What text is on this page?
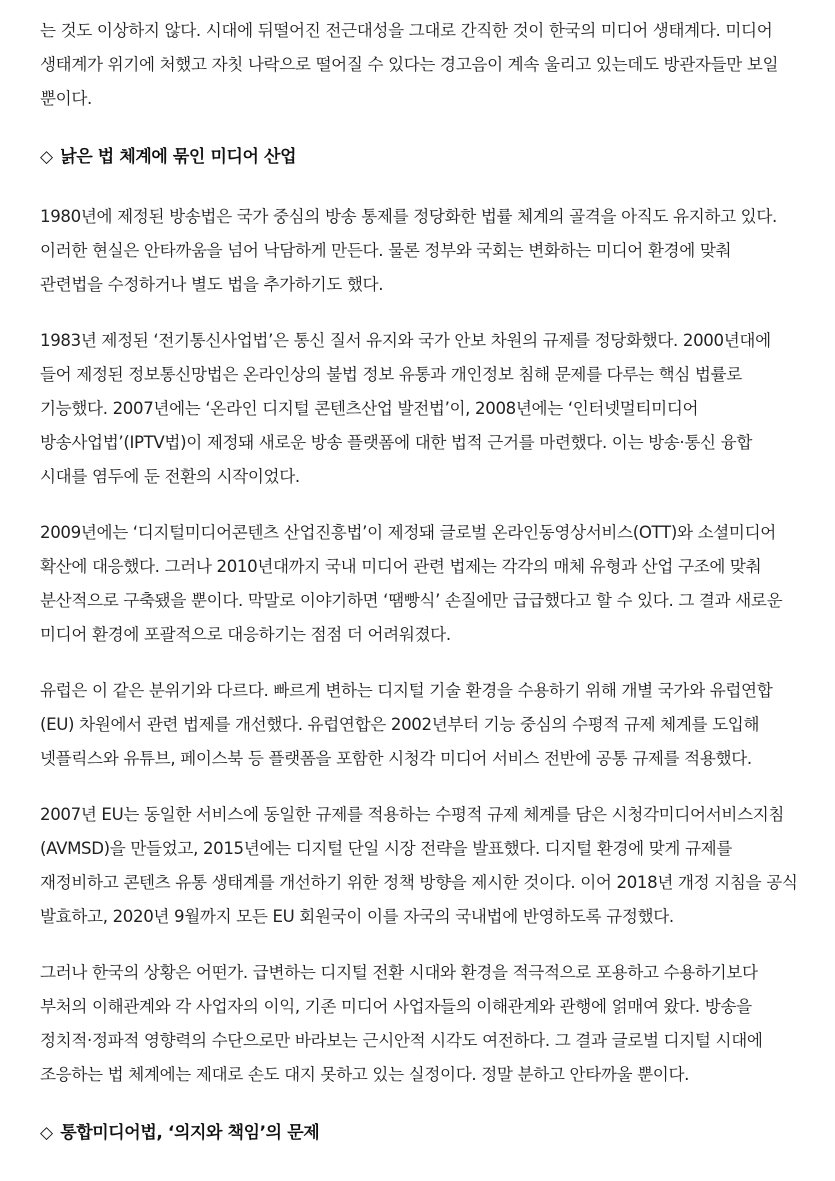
는 것도 이상하지 않다. 시대에 뒤떨어진 전근대성을 그대로 간직한 것이 한국의 미디어 생태계다. 미디어 생태계가 위기에 처했고 자칫 나락으로 떨어질 수 있다는 경고음이 계속 울리고 있는데도 방관자들만 보일 뿐이다.

◇ 낡은 법 체계에 묶인 미디어 산업

1980년에 제정된 방송법은 국가 중심의 방송 통제를 정당화한 법률 체계의 골격을 아직도 유지하고 있다. 이러한 현실은 안타까움을 넘어 낙담하게 만든다. 물론 정부와 국회는 변화하는 미디어 환경에 맞춰 관련법을 수정하거나 별도 법을 추가하기도 했다.

1983년 제정된 ‘전기통신사업법’은 통신 질서 유지와 국가 안보 차원의 규제를 정당화했다. 2000년대에 들어 제정된 정보통신망법은 온라인상의 불법 정보 유통과 개인정보 침해 문제를 다루는 핵심 법률로 기능했다. 2007년에는 ‘온라인 디지털 콘텐츠산업 발전법’이, 2008년에는 ‘인터넷멀티미디어 방송사업법’(IPTV법)이 제정돼 새로운 방송 플랫폼에 대한 법적 근거를 마련했다. 이는 방송·통신 융합 시대를 염두에 둔 전환의 시작이었다.

2009년에는 ‘디지털미디어콘텐츠 산업진흥법’이 제정돼 글로벌 온라인동영상서비스(OTT)와 소셜미디어 확산에 대응했다. 그러나 2010년대까지 국내 미디어 관련 법제는 각각의 매체 유형과 산업 구조에 맞춰 분산적으로 구축됐을 뿐이다. 막말로 이야기하면 ‘땜빵식’ 손질에만 급급했다고 할 수 있다. 그 결과 새로운 미디어 환경에 포괄적으로 대응하기는 점점 더 어려워졌다.

유럽은 이 같은 분위기와 다르다. 빠르게 변하는 디지털 기술 환경을 수용하기 위해 개별 국가와 유럽연합(EU) 차원에서 관련 법제를 개선했다. 유럽연합은 2002년부터 기능 중심의 수평적 규제 체계를 도입해 넷플릭스와 유튜브, 페이스북 등 플랫폼을 포함한 시청각 미디어 서비스 전반에 공통 규제를 적용했다.

2007년 EU는 동일한 서비스에 동일한 규제를 적용하는 수평적 규제 체계를 담은 시청각미디어서비스지침(AVMSD)을 만들었고, 2015년에는 디지털 단일 시장 전략을 발표했다. 디지털 환경에 맞게 규제를 재정비하고 콘텐츠 유통 생태계를 개선하기 위한 정책 방향을 제시한 것이다. 이어 2018년 개정 지침을 공식 발효하고, 2020년 9월까지 모든 EU 회원국이 이를 자국의 국내법에 반영하도록 규정했다.

그러나 한국의 상황은 어떤가. 급변하는 디지털 전환 시대와 환경을 적극적으로 포용하고 수용하기보다 부처의 이해관계와 각 사업자의 이익, 기존 미디어 사업자들의 이해관계와 관행에 얽매여 왔다. 방송을 정치적·정파적 영향력의 수단으로만 바라보는 근시안적 시각도 여전하다. 그 결과 글로벌 디지털 시대에 조응하는 법 체계에는 제대로 손도 대지 못하고 있는 실정이다. 정말 분하고 안타까울 뿐이다.

◇ 통합미디어법, ‘의지와 책임’의 문제
